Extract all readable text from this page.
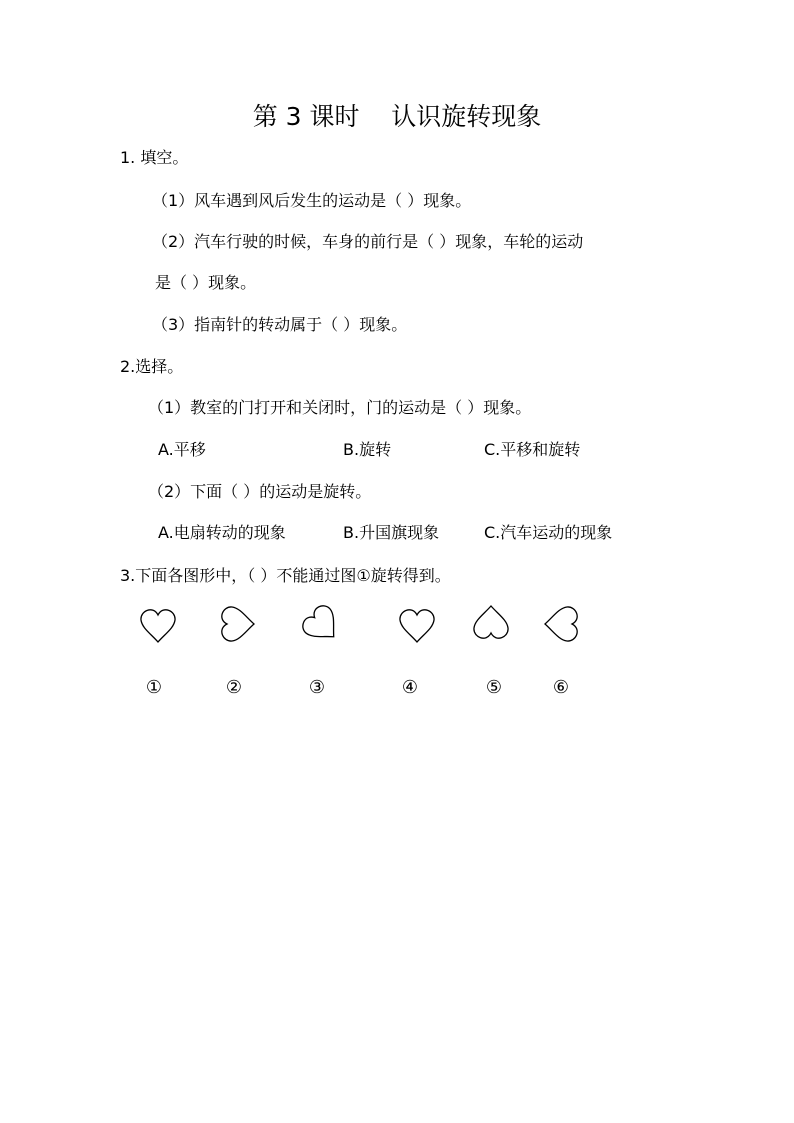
第 3 课时    认识旋转现象
1. 填空。
（1）风车遇到风后发生的运动是（ ）现象。
（2）汽车行驶的时候，车身的前行是（ ）现象，车轮的运动
是（ ）现象。
（3）指南针的转动属于（ ）现象。
2.选择。
（1）教室的门打开和关闭时，门的运动是（ ）现象。
A.平移	B.旋转	C.平移和旋转
（2）下面（ ）的运动是旋转。
A.电扇转动的现象	B.升国旗现象	C.汽车运动的现象
3.下面各图形中，（ ）不能通过图①旋转得到。
①	②	③	④	⑤	⑥
